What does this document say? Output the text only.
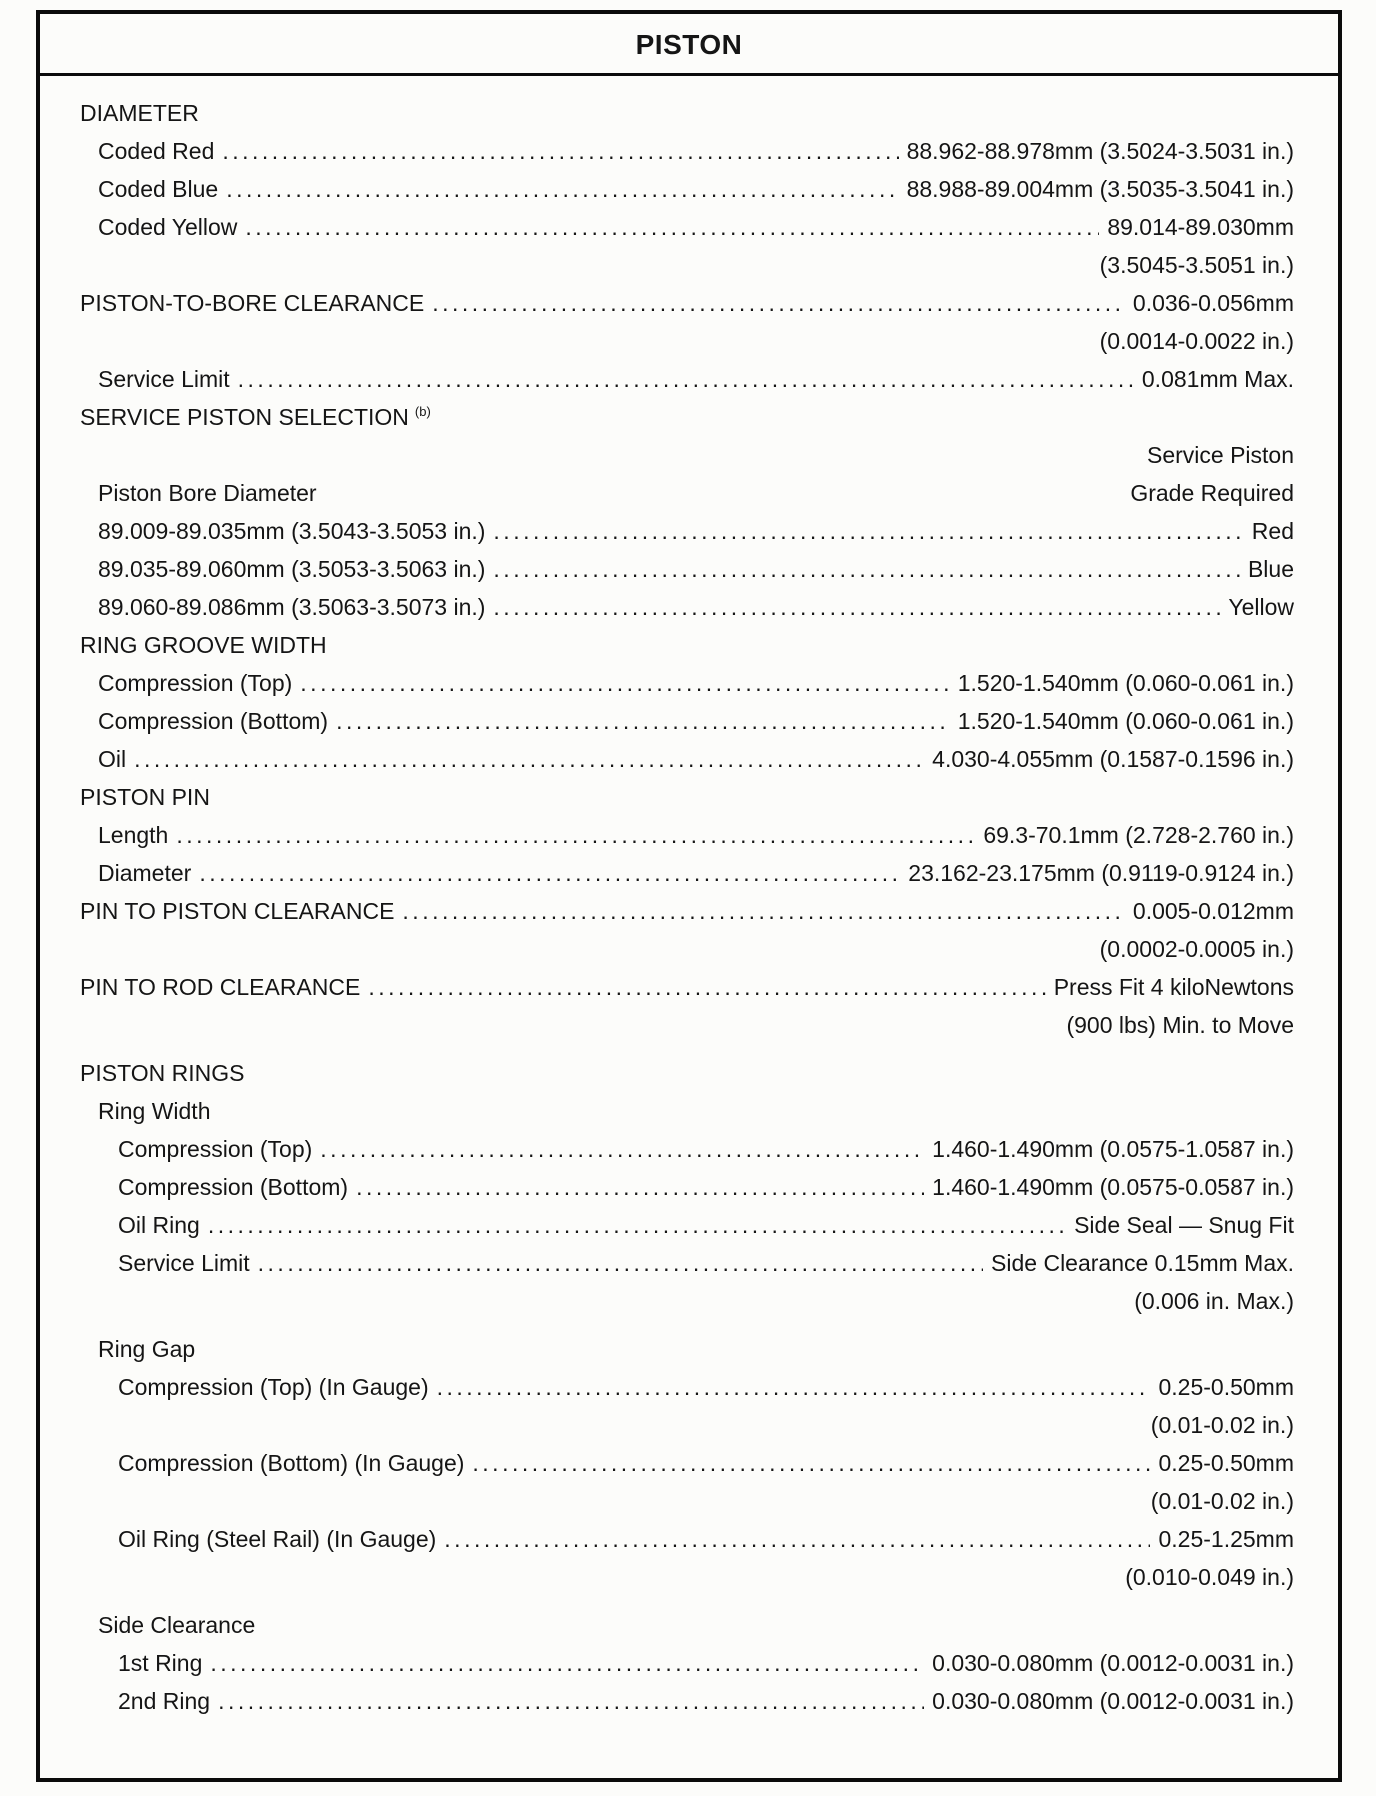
PISTON
DIAMETER
Coded Red .....	88.962-88.978mm (3.5024-3.5031 in.)
Coded Blue .....	88.988-89.004mm (3.5035-3.5041 in.)
Coded Yellow .....	89.014-89.030mm
(3.5045-3.5051 in.)
PISTON-TO-BORE CLEARANCE .....	0.036-0.056mm
(0.0014-0.0022 in.)
Service Limit .....	0.081mm Max.
SERVICE PISTON SELECTION $^{(b)}$
Service Piston
Piston Bore Diameter	Grade Required
89.009-89.035mm (3.5043-3.5053 in.) .....	Red
89.035-89.060mm (3.5053-3.5063 in.) .....	Blue
89.060-89.086mm (3.5063-3.5073 in.) .....	Yellow
RING GROOVE WIDTH
Compression (Top) .....	1.520-1.540mm (0.060-0.061 in.)
Compression (Bottom) .....	1.520-1.540mm (0.060-0.061 in.)
Oil .....	4.030-4.055mm (0.1587-0.1596 in.)
PISTON PIN
Length .....	69.3-70.1mm (2.728-2.760 in.)
Diameter .....	23.162-23.175mm (0.9119-0.9124 in.)
PIN TO PISTON CLEARANCE .....	0.005-0.012mm
(0.0002-0.0005 in.)
PIN TO ROD CLEARANCE .....	Press Fit 4 kiloNewtons
(900 lbs) Min. to Move
PISTON RINGS
Ring Width
Compression (Top) .....	1.460-1.490mm (0.0575-1.0587 in.)
Compression (Bottom) .....	1.460-1.490mm (0.0575-0.0587 in.)
Oil Ring .....	Side Seal — Snug Fit
Service Limit .....	Side Clearance 0.15mm Max.
(0.006 in. Max.)
Ring Gap
Compression (Top) (In Gauge) .....	0.25-0.50mm
(0.01-0.02 in.)
Compression (Bottom) (In Gauge) .....	0.25-0.50mm
(0.01-0.02 in.)
Oil Ring (Steel Rail) (In Gauge) .....	0.25-1.25mm
(0.010-0.049 in.)
Side Clearance
1st Ring .....	0.030-0.080mm (0.0012-0.0031 in.)
2nd Ring .....	0.030-0.080mm (0.0012-0.0031 in.)
